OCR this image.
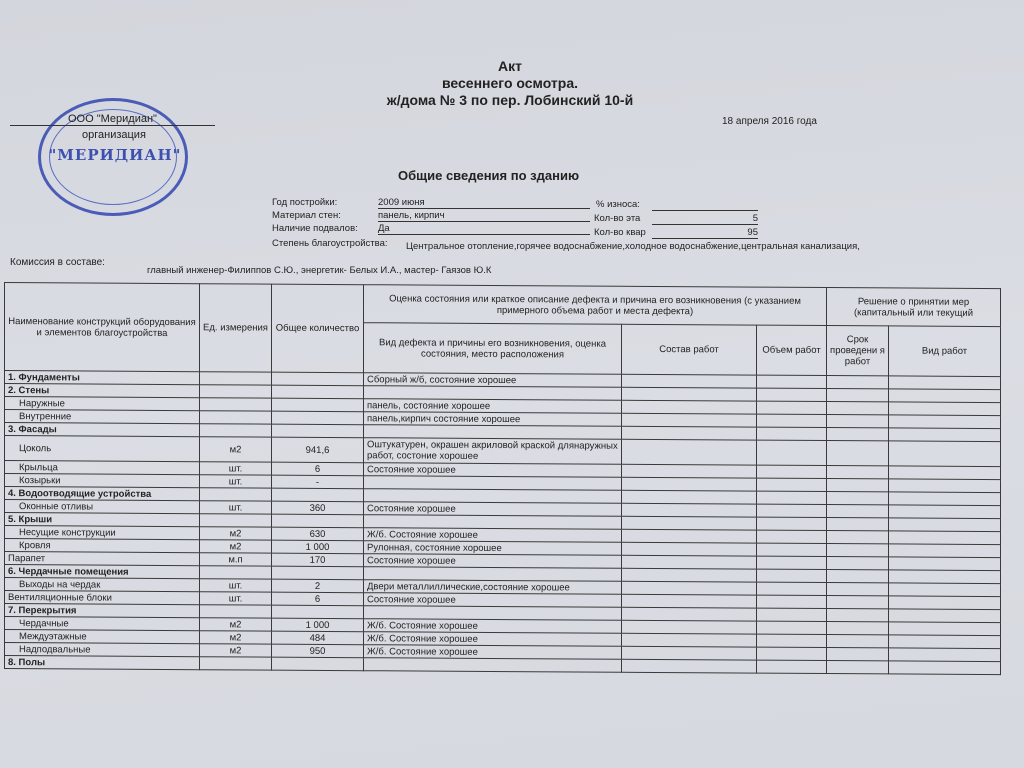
Акт
весеннего осмотра.
ж/дома № 3 по пер. Лобинский 10-й
18 апреля 2016 года
"МЕРИДИАН"
ООО "Меридиан"
организация
Общие сведения по зданию
Год постройки:	2009 июня	% износа:
Материал стен:	панель, кирпич	Кол-во эта	5
Наличие подвалов: Да	Кол-во квар	95
Степень благоустройства: Центральное отопление,горячее водоснабжение,холодное водоснабжение,центральная канализация,
Комиссия в составе:
главный инженер-Филиппов С.Ю., энергетик- Белых И.А., мастер- Гаязов Ю.К
Наименование конструкций оборудования и элементов благоустройства	Ед. измерения	Общее количество	Оценка состояния или краткое описание дефекта и причина его возникновения (с указанием примерного объема работ и места дефекта)			Решение о принятии мер (капитальный или текущий	
			Вид дефекта и причины его возникновения, оценка состояния, место расположения	Состав работ	Объем работ	Срок проведени я работ	Вид работ
1. Фундаменты			Сборный ж/б, состояние хорошее				
2. Стены							
Наружные			панель, состояние хорошее				
Внутренние			панель,кирпич состояние хорошее				
3. Фасады							
Цоколь	м2	941,6	Оштукатурен, окрашен акриловой краской длянаружных работ, состоние хорошее				
Крыльца	шт.	6	Состояние хорошее				
Козырьки	шт.	-					
4. Водоотводящие устройства							
Оконные отливы	шт.	360	Состояние хорошее				
5. Крыши							
Несущие конструкции	м2	630	Ж/б. Состояние хорошее				
Кровля	м2	1 000	Рулонная, состояние хорошее				
Парапет	м.п	170	Состояние хорошее				
6. Чердачные помещения							
Выходы на чердак	шт.	2	Двери металлиллические,состояние хорошее				
Вентиляционные блоки	шт.	6	Состояние хорошее				
7. Перекрытия							
Чердачные	м2	1 000	Ж/б. Состояние хорошее				
Междуэтажные	м2	484	Ж/б. Состояние хорошее				
Надподвальные	м2	950	Ж/б. Состояние хорошее				
8. Полы							
